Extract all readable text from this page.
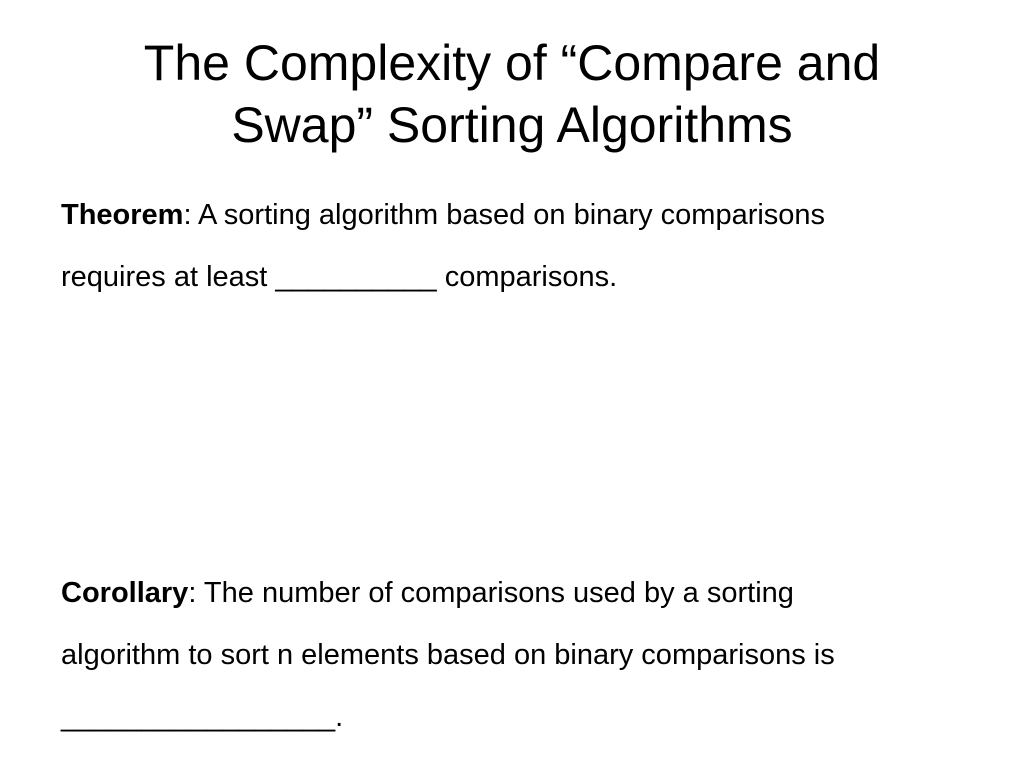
The Complexity of “Compare and
Swap” Sorting Algorithms

Theorem: A sorting algorithm based on binary comparisons
requires at least __________ comparisons.

Corollary: The number of comparisons used by a sorting
algorithm to sort n elements based on binary comparisons is
_________________.
